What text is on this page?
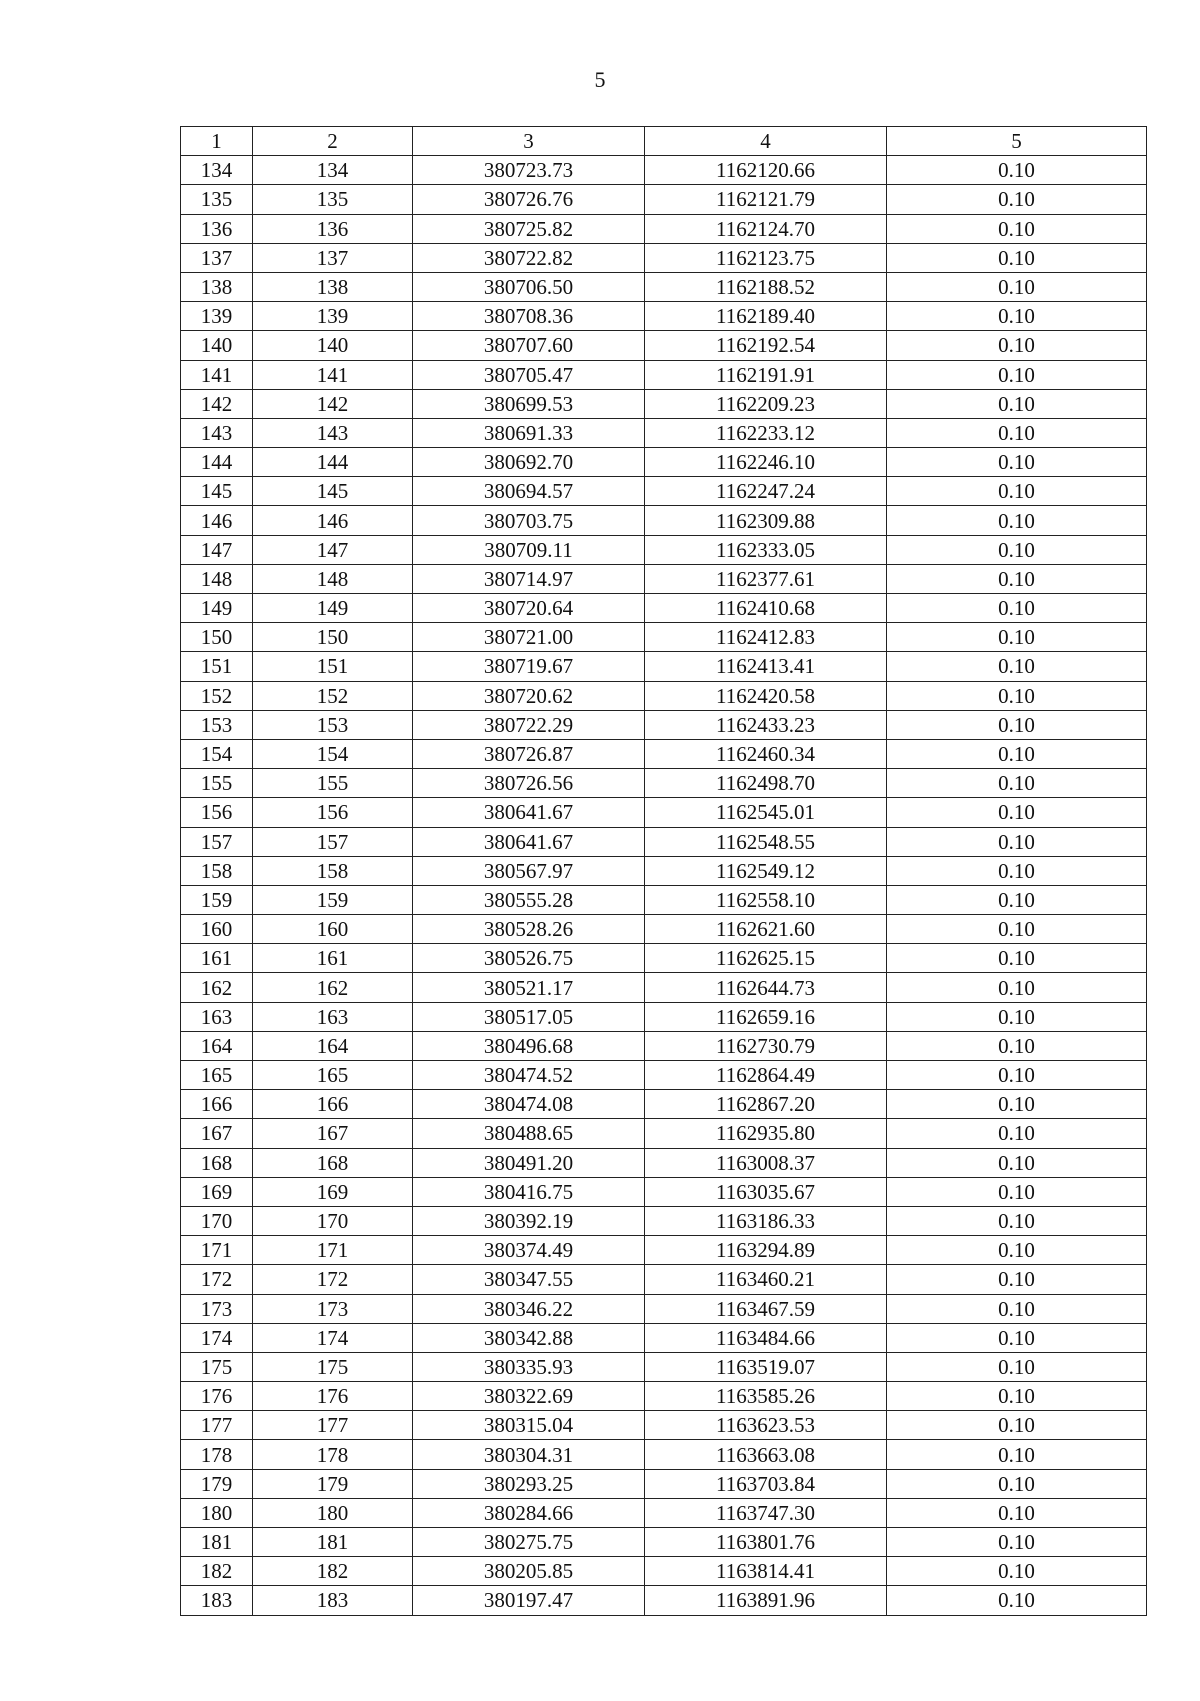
5
1	2	3	4	5
134	134	380723.73	1162120.66	0.10
135	135	380726.76	1162121.79	0.10
136	136	380725.82	1162124.70	0.10
137	137	380722.82	1162123.75	0.10
138	138	380706.50	1162188.52	0.10
139	139	380708.36	1162189.40	0.10
140	140	380707.60	1162192.54	0.10
141	141	380705.47	1162191.91	0.10
142	142	380699.53	1162209.23	0.10
143	143	380691.33	1162233.12	0.10
144	144	380692.70	1162246.10	0.10
145	145	380694.57	1162247.24	0.10
146	146	380703.75	1162309.88	0.10
147	147	380709.11	1162333.05	0.10
148	148	380714.97	1162377.61	0.10
149	149	380720.64	1162410.68	0.10
150	150	380721.00	1162412.83	0.10
151	151	380719.67	1162413.41	0.10
152	152	380720.62	1162420.58	0.10
153	153	380722.29	1162433.23	0.10
154	154	380726.87	1162460.34	0.10
155	155	380726.56	1162498.70	0.10
156	156	380641.67	1162545.01	0.10
157	157	380641.67	1162548.55	0.10
158	158	380567.97	1162549.12	0.10
159	159	380555.28	1162558.10	0.10
160	160	380528.26	1162621.60	0.10
161	161	380526.75	1162625.15	0.10
162	162	380521.17	1162644.73	0.10
163	163	380517.05	1162659.16	0.10
164	164	380496.68	1162730.79	0.10
165	165	380474.52	1162864.49	0.10
166	166	380474.08	1162867.20	0.10
167	167	380488.65	1162935.80	0.10
168	168	380491.20	1163008.37	0.10
169	169	380416.75	1163035.67	0.10
170	170	380392.19	1163186.33	0.10
171	171	380374.49	1163294.89	0.10
172	172	380347.55	1163460.21	0.10
173	173	380346.22	1163467.59	0.10
174	174	380342.88	1163484.66	0.10
175	175	380335.93	1163519.07	0.10
176	176	380322.69	1163585.26	0.10
177	177	380315.04	1163623.53	0.10
178	178	380304.31	1163663.08	0.10
179	179	380293.25	1163703.84	0.10
180	180	380284.66	1163747.30	0.10
181	181	380275.75	1163801.76	0.10
182	182	380205.85	1163814.41	0.10
183	183	380197.47	1163891.96	0.10
